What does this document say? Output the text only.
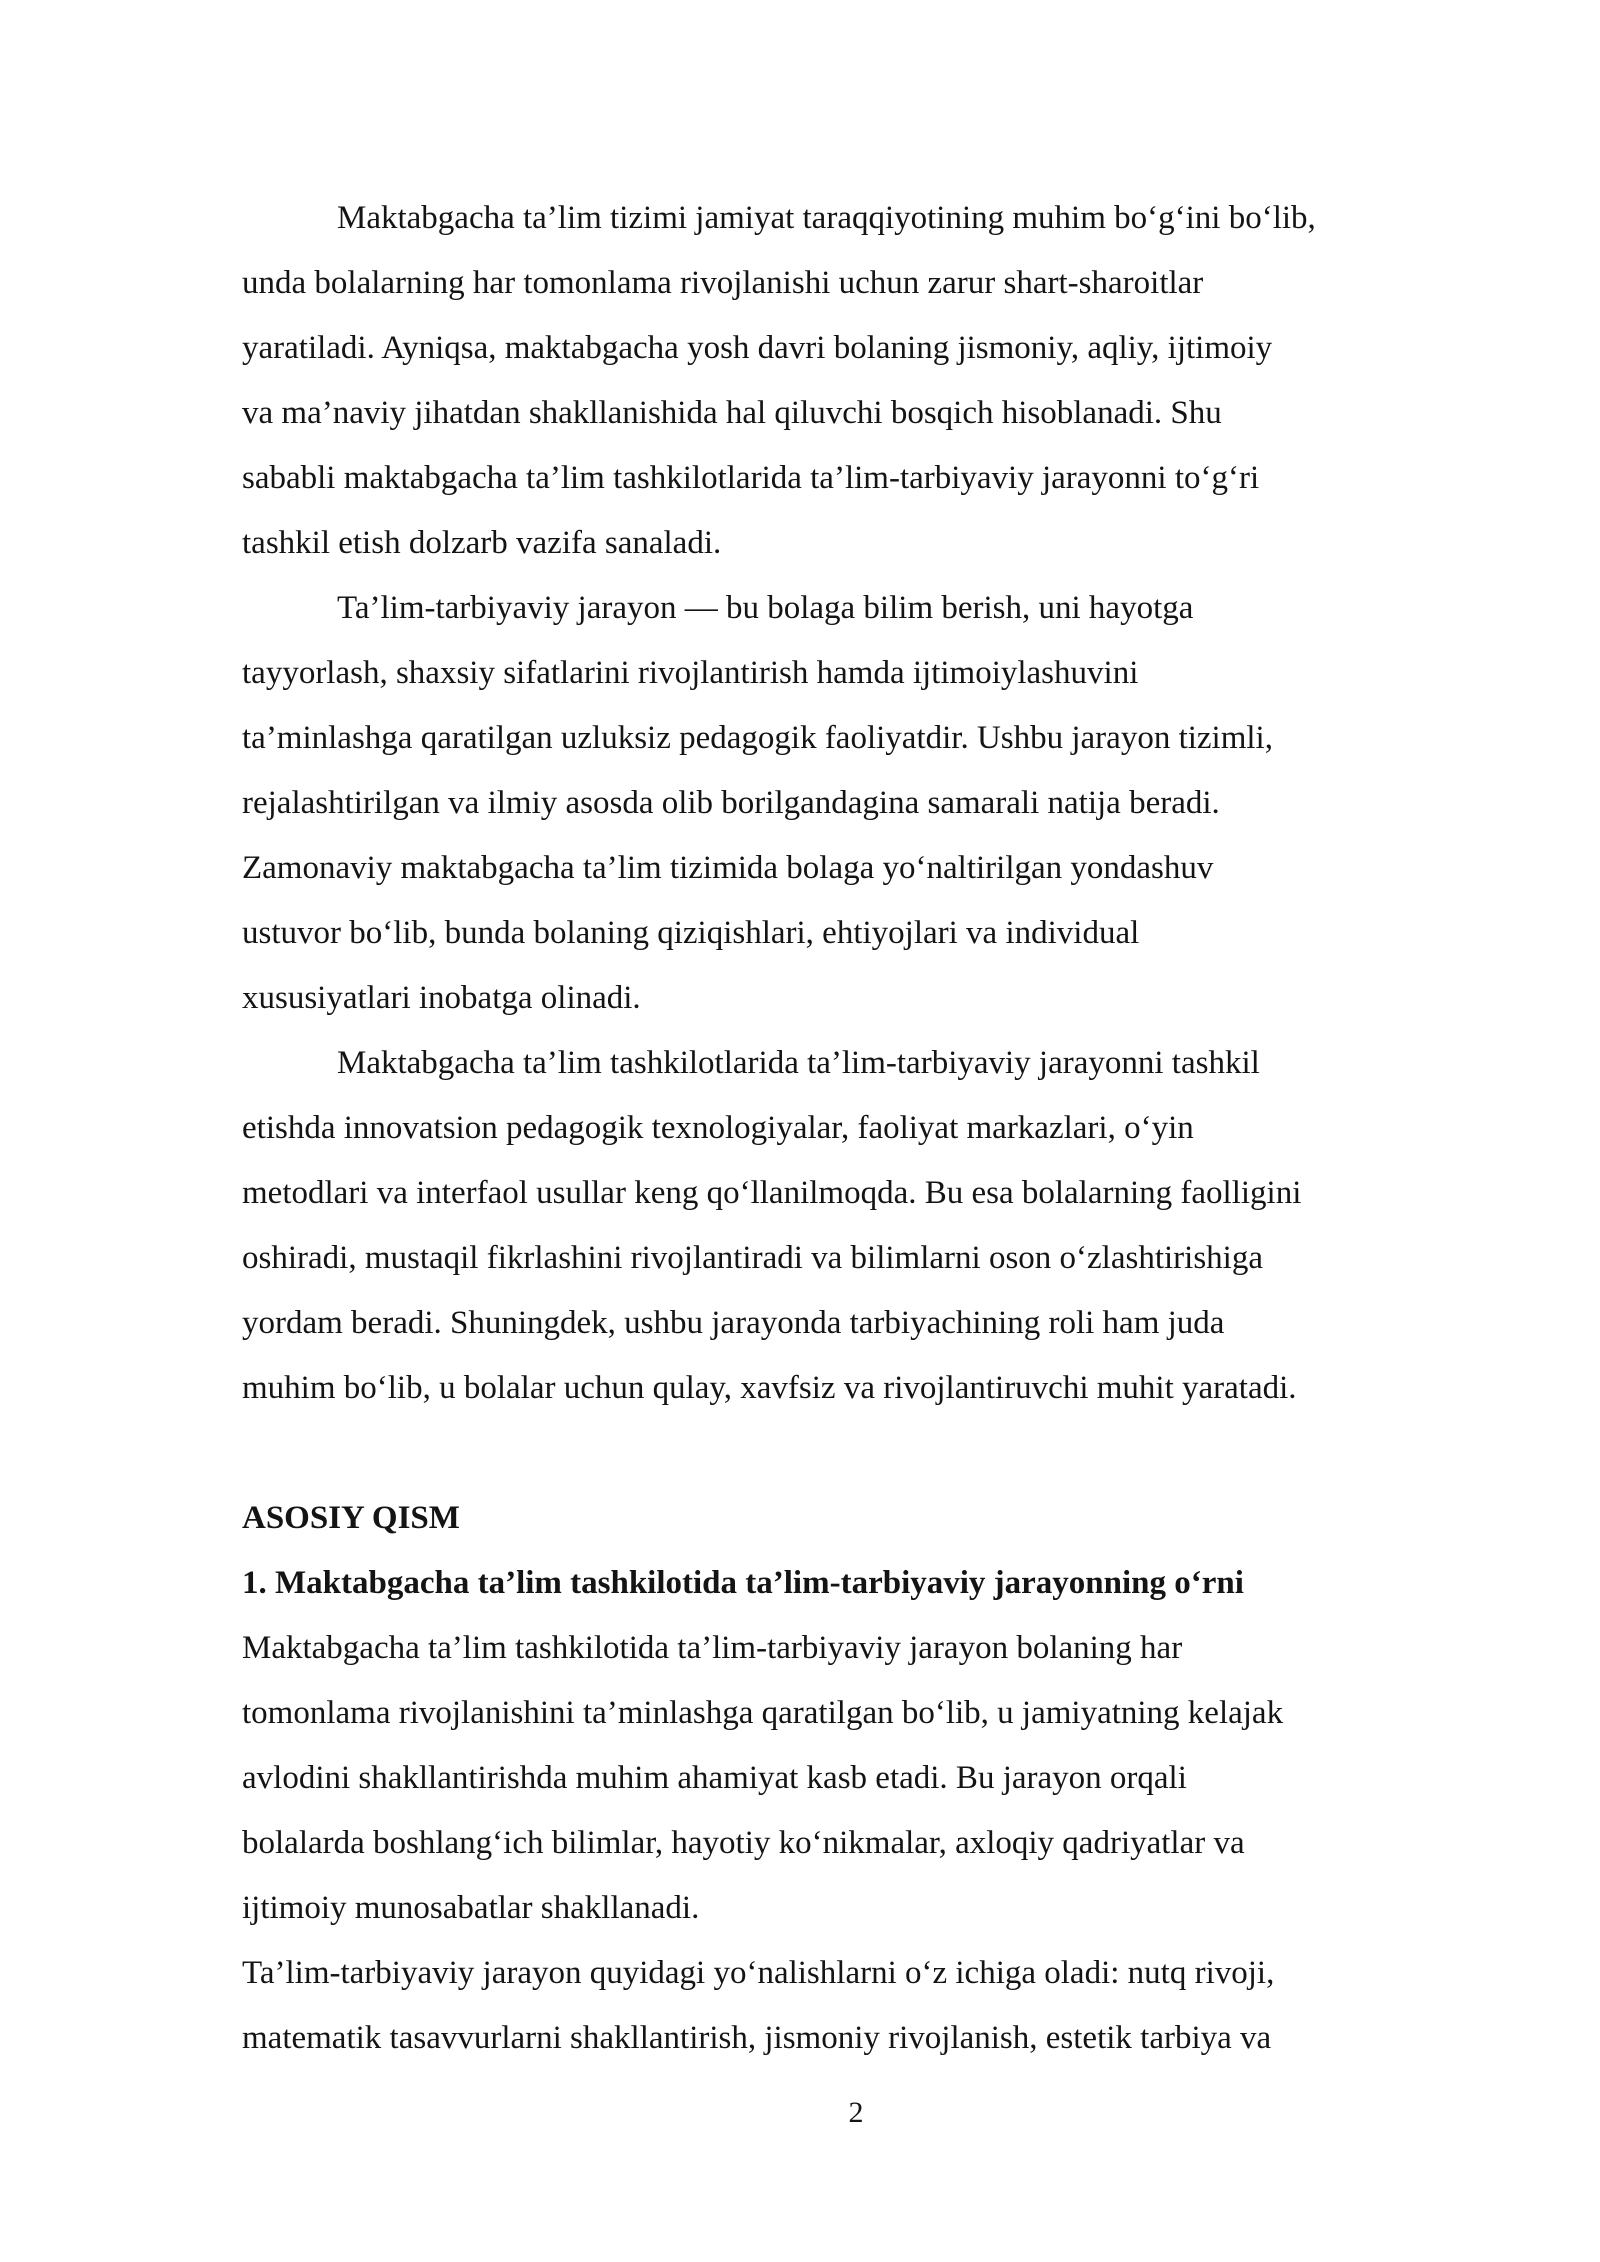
Maktabgacha ta’lim tizimi jamiyat taraqqiyotining muhim bo‘g‘ini bo‘lib,
unda bolalarning har tomonlama rivojlanishi uchun zarur shart-sharoitlar
yaratiladi. Ayniqsa, maktabgacha yosh davri bolaning jismoniy, aqliy, ijtimoiy
va ma’naviy jihatdan shakllanishida hal qiluvchi bosqich hisoblanadi. Shu
sababli maktabgacha ta’lim tashkilotlarida ta’lim-tarbiyaviy jarayonni to‘g‘ri
tashkil etish dolzarb vazifa sanaladi.
Ta’lim-tarbiyaviy jarayon — bu bolaga bilim berish, uni hayotga
tayyorlash, shaxsiy sifatlarini rivojlantirish hamda ijtimoiylashuvini
ta’minlashga qaratilgan uzluksiz pedagogik faoliyatdir. Ushbu jarayon tizimli,
rejalashtirilgan va ilmiy asosda olib borilgandagina samarali natija beradi.
Zamonaviy maktabgacha ta’lim tizimida bolaga yo‘naltirilgan yondashuv
ustuvor bo‘lib, bunda bolaning qiziqishlari, ehtiyojlari va individual
xususiyatlari inobatga olinadi.
Maktabgacha ta’lim tashkilotlarida ta’lim-tarbiyaviy jarayonni tashkil
etishda innovatsion pedagogik texnologiyalar, faoliyat markazlari, o‘yin
metodlari va interfaol usullar keng qo‘llanilmoqda. Bu esa bolalarning faolligini
oshiradi, mustaqil fikrlashini rivojlantiradi va bilimlarni oson o‘zlashtirishiga
yordam beradi. Shuningdek, ushbu jarayonda tarbiyachining roli ham juda
muhim bo‘lib, u bolalar uchun qulay, xavfsiz va rivojlantiruvchi muhit yaratadi.
ASOSIY QISM
1. Maktabgacha ta’lim tashkilotida ta’lim-tarbiyaviy jarayonning o‘rni
Maktabgacha ta’lim tashkilotida ta’lim-tarbiyaviy jarayon bolaning har
tomonlama rivojlanishini ta’minlashga qaratilgan bo‘lib, u jamiyatning kelajak
avlodini shakllantirishda muhim ahamiyat kasb etadi. Bu jarayon orqali
bolalarda boshlang‘ich bilimlar, hayotiy ko‘nikmalar, axloqiy qadriyatlar va
ijtimoiy munosabatlar shakllanadi.
Ta’lim-tarbiyaviy jarayon quyidagi yo‘nalishlarni o‘z ichiga oladi: nutq rivoji,
matematik tasavvurlarni shakllantirish, jismoniy rivojlanish, estetik tarbiya va
2
